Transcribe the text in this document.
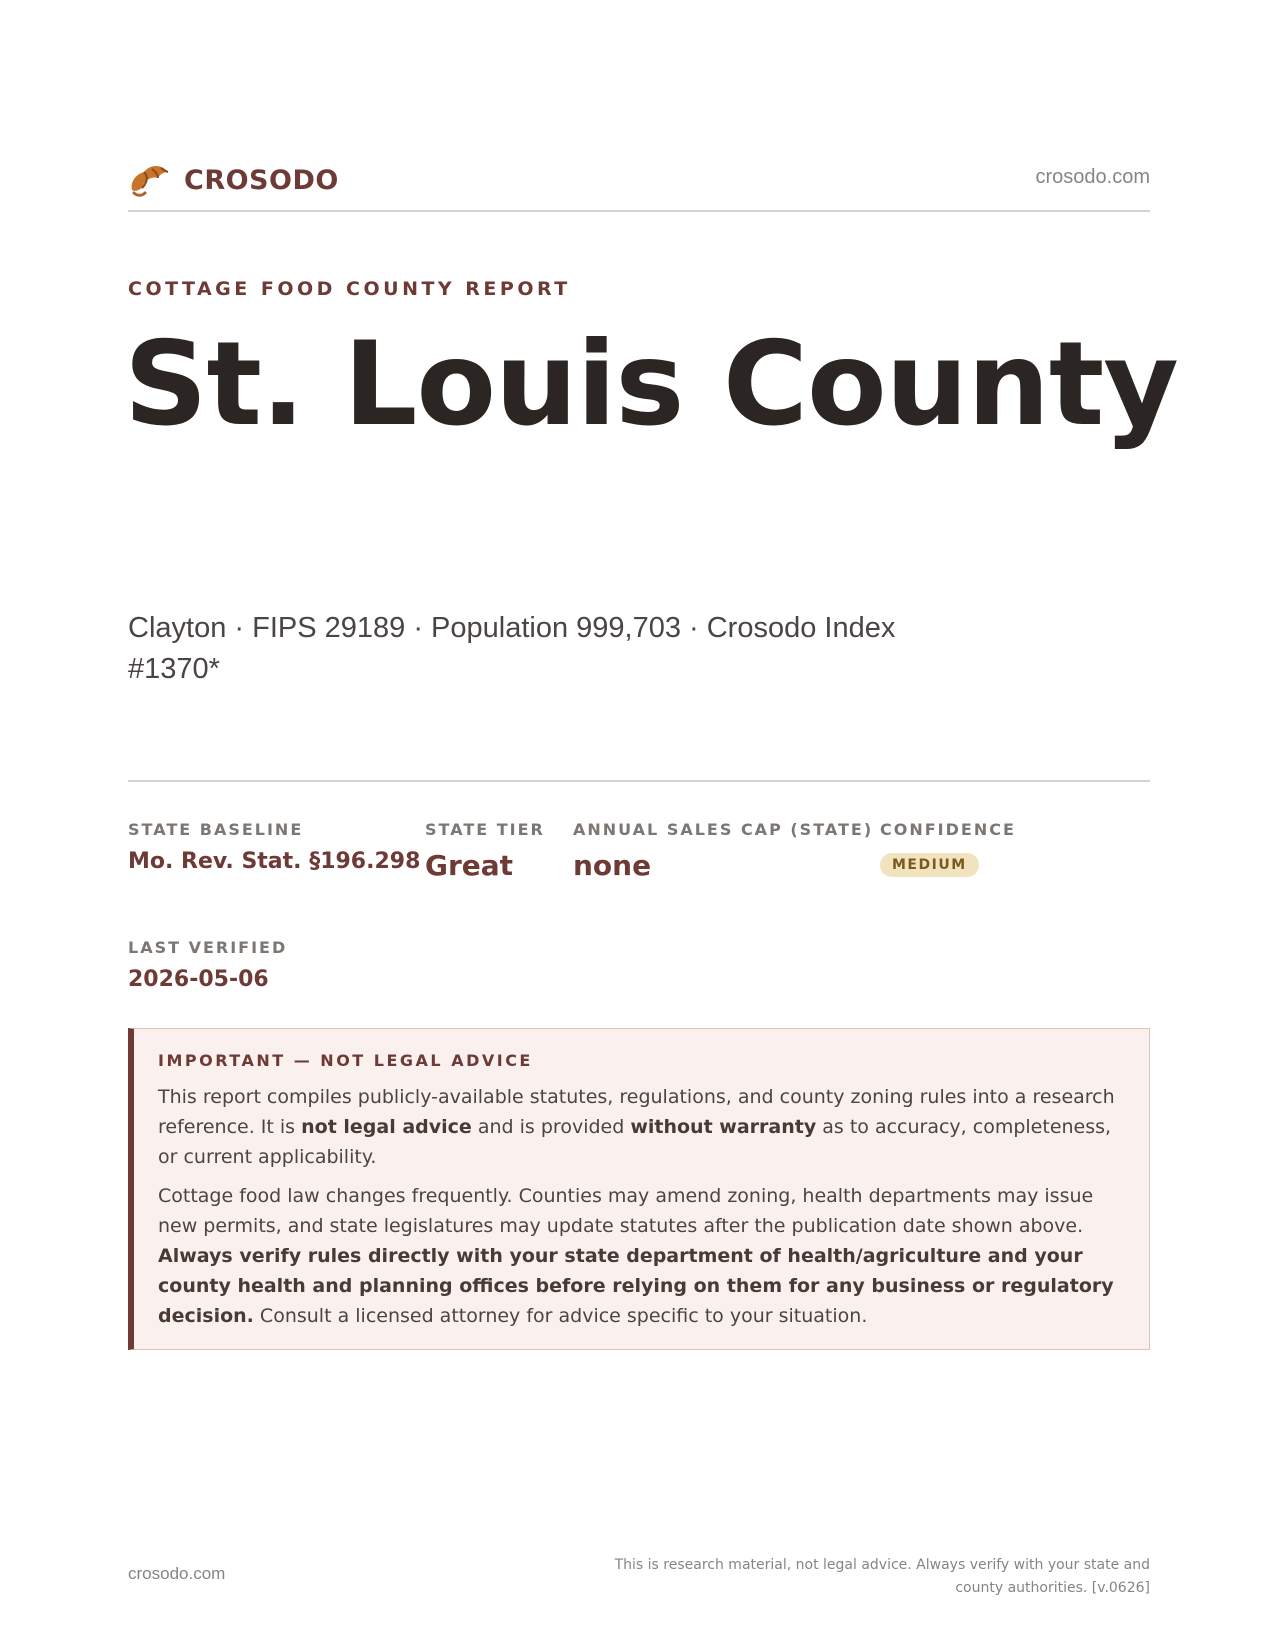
CROSODO	crosodo.com
COTTAGE FOOD COUNTY REPORT
St. Louis County
Clayton · FIPS 29189 · Population 999,703 · Crosodo Index #1370*
STATE BASELINE
Mo. Rev. Stat. §196.298
STATE TIER
Great
ANNUAL SALES CAP (STATE)
none
CONFIDENCE
MEDIUM
LAST VERIFIED
2026-05-06
IMPORTANT — NOT LEGAL ADVICE

This report compiles publicly-available statutes, regulations, and county zoning rules into a research reference. It is not legal advice and is provided without warranty as to accuracy, completeness, or current applicability.

Cottage food law changes frequently. Counties may amend zoning, health departments may issue new permits, and state legislatures may update statutes after the publication date shown above. Always verify rules directly with your state department of health/agriculture and your county health and planning offices before relying on them for any business or regulatory decision. Consult a licensed attorney for advice specific to your situation.

crosodo.com	This is research material, not legal advice. Always verify with your state and county authorities. [v.0626]
